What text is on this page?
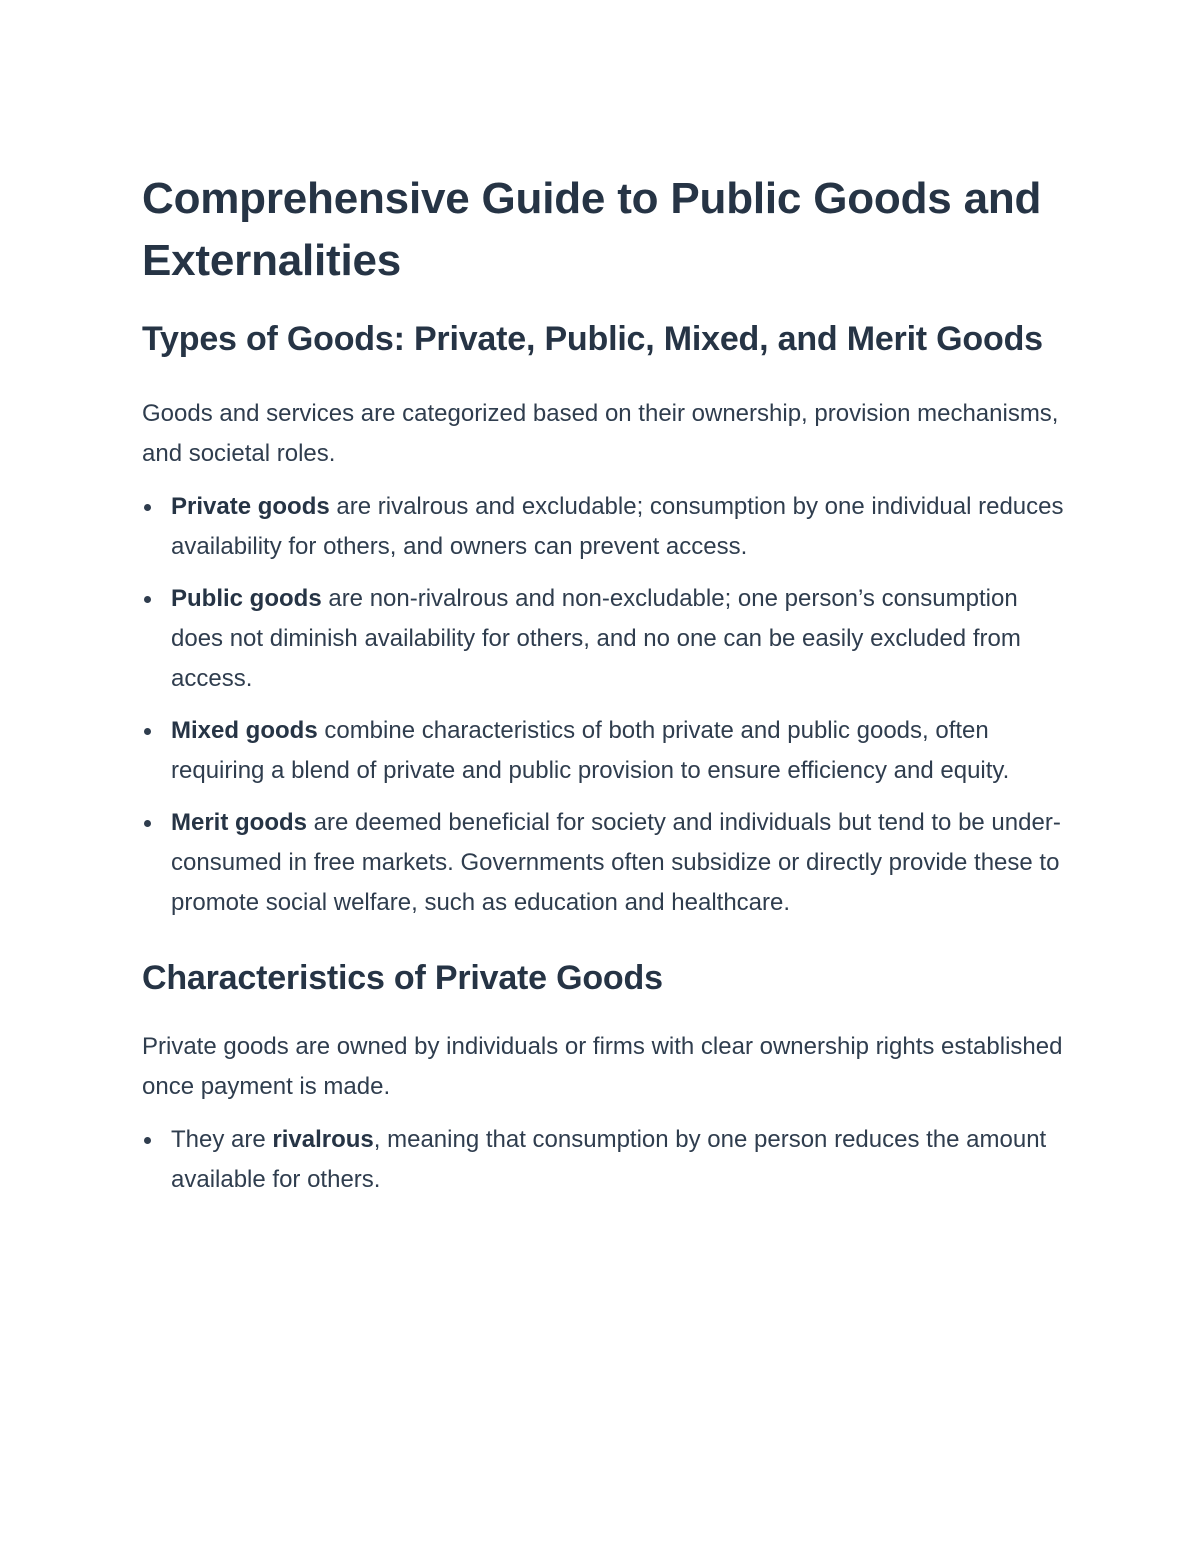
Comprehensive Guide to Public Goods and Externalities
Types of Goods: Private, Public, Mixed, and Merit Goods

Goods and services are categorized based on their ownership, provision mechanisms, and societal roles.

Private goods are rivalrous and excludable; consumption by one individual reduces availability for others, and owners can prevent access.
Public goods are non-rivalrous and non-excludable; one person’s consumption does not diminish availability for others, and no one can be easily excluded from access.
Mixed goods combine characteristics of both private and public goods, often requiring a blend of private and public provision to ensure efficiency and equity.
Merit goods are deemed beneficial for society and individuals but tend to be under-consumed in free markets. Governments often subsidize or directly provide these to promote social welfare, such as education and healthcare.
Characteristics of Private Goods

Private goods are owned by individuals or firms with clear ownership rights established once payment is made.

They are rivalrous, meaning that consumption by one person reduces the amount available for others.
